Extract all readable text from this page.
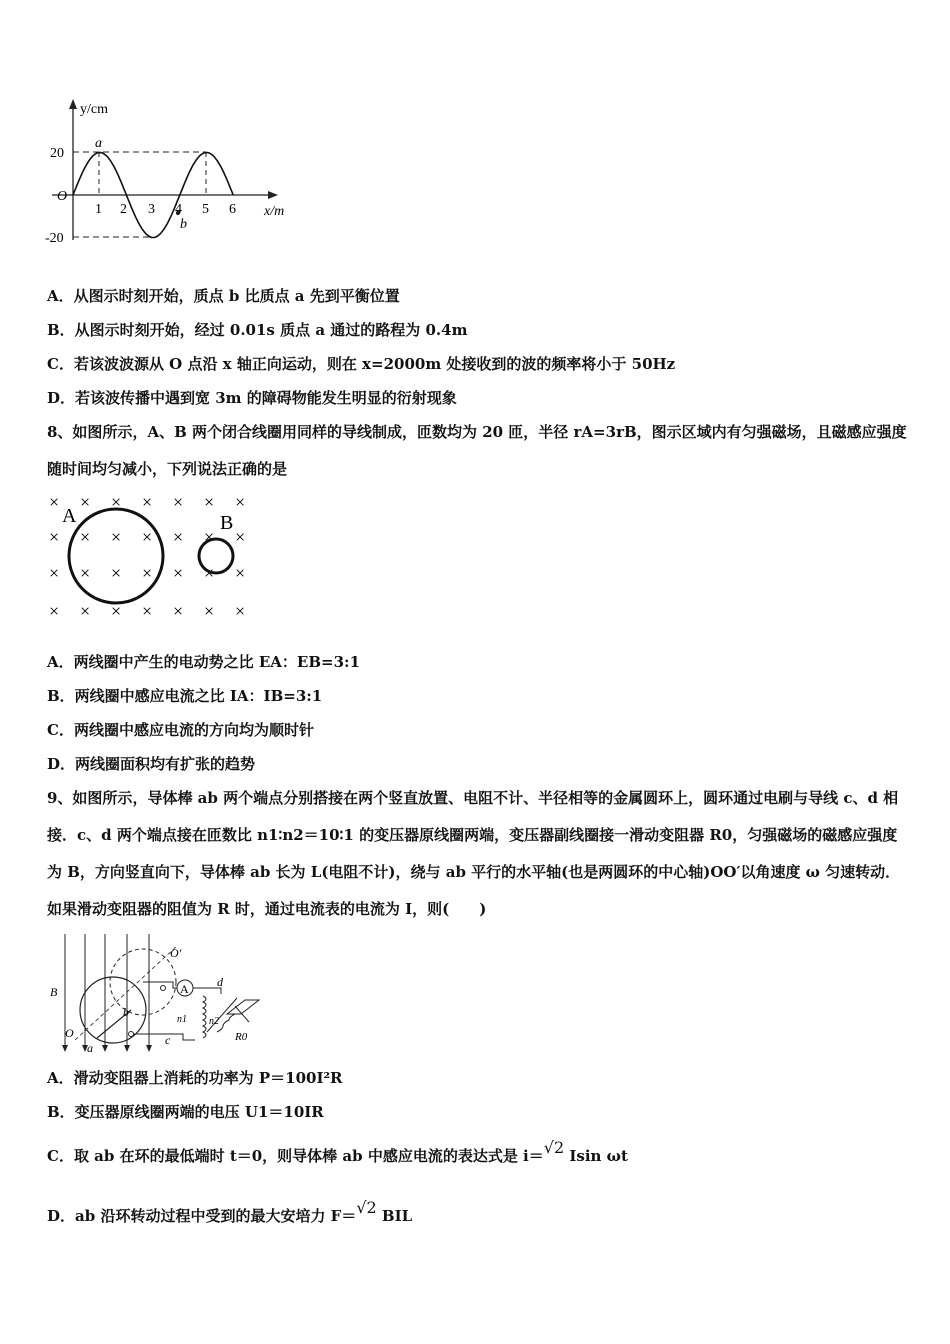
y/cm
x/m
O
20
-20
1 2 3 4 5 6
a
b
A．从图示时刻开始，质点 b 比质点 a 先到平衡位置
B．从图示时刻开始，经过 0.01s 质点 a 通过的路程为 0.4m
C．若该波波源从 O 点沿 x 轴正向运动，则在 x=2000m 处接收到的波的频率将小于 50Hz
D．若该波传播中遇到宽 3m 的障碍物能发生明显的衍射现象
8、如图所示，A、B 两个闭合线圈用同样的导线制成，匝数均为 20 匝，半径 rA=3rB，图示区域内有匀强磁场，且磁感应强度随时间均匀减小，下列说法正确的是
× × × × × × ×
× × × × × × ×
× × × × × × ×
× × × × × × ×
A	B
A．两线圈中产生的电动势之比 EA：EB=3:1
B．两线圈中感应电流之比 IA：IB=3:1
C．两线圈中感应电流的方向均为顺时针
D．两线圈面积均有扩张的趋势
9、如图所示，导体棒 ab 两个端点分别搭接在两个竖直放置、电阻不计、半径相等的金属圆环上，圆环通过电刷与导线 c、d 相接．c、d 两个端点接在匝数比 n1∶n2＝10∶1 的变压器原线圈两端，变压器副线圈接一滑动变阻器 R0，匀强磁场的磁感应强度为 B，方向竖直向下，导体棒 ab 长为 L(电阻不计)，绕与 ab 平行的水平轴(也是两圆环的中心轴)OO′以角速度 ω 匀速转动．如果滑动变阻器的阻值为 R 时，通过电流表的电流为 I，则(　　)
A
B
O
O′
a
b
c
d
n1 n2
R0
A．滑动变阻器上消耗的功率为 P＝100I²R
B．变压器原线圈两端的电压 U1＝10IR
C．取 ab 在环的最低端时 t＝0，则导体棒 ab 中感应电流的表达式是 i＝√2 Isin ωt
D．ab 沿环转动过程中受到的最大安培力 F＝√2 BIL
